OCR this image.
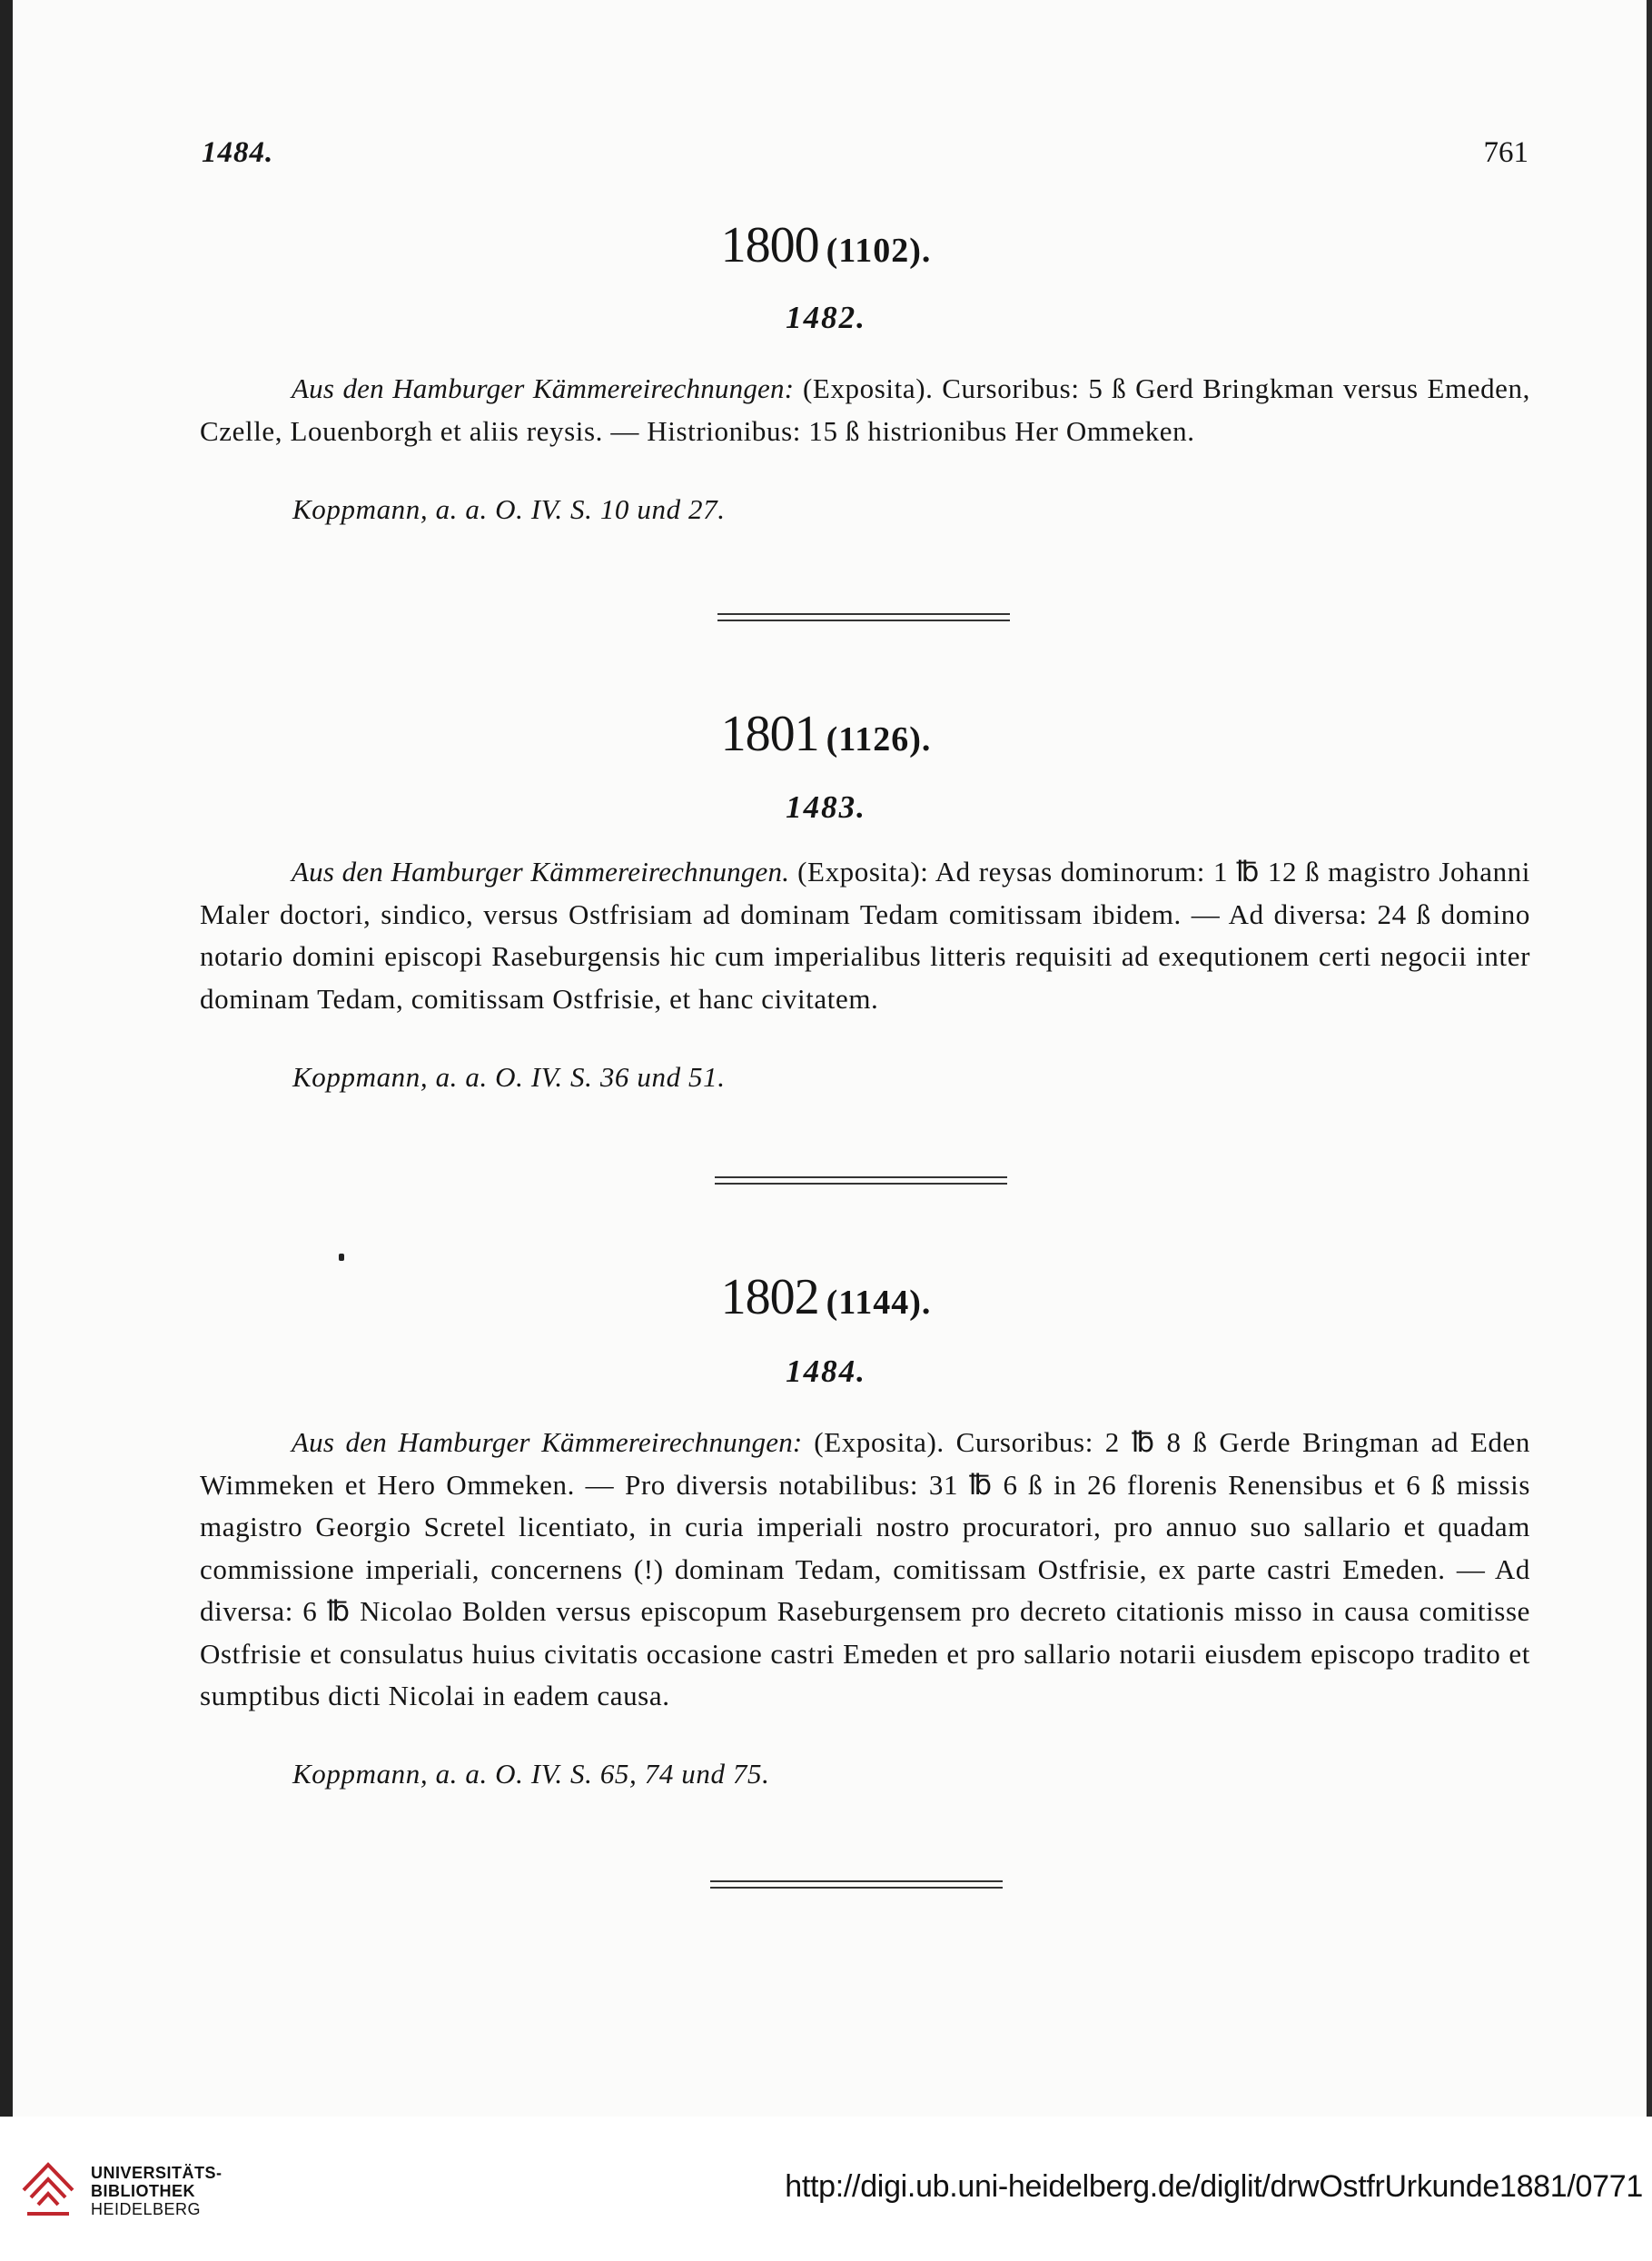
1484.	761
1800 (1102).
1482.

Aus den Hamburger Kämmereirechnungen: (Exposita). Cursoribus: 5 ß Gerd Bringkman versus Emeden, Czelle, Louenborgh et aliis reysis. — Histrionibus: 15 ß histrionibus Her Ommeken.

Koppmann, a. a. O. IV. S. 10 und 27.

1801 (1126).
1483.

Aus den Hamburger Kämmereirechnungen. (Exposita): Ad reysas dominorum: 1 ℔ 12 ß magistro Johanni Maler doctori, sindico, versus Ostfrisiam ad dominam Tedam comitissam ibidem. — Ad diversa: 24 ß domino notario domini episcopi Raseburgensis hic cum imperialibus litteris requisiti ad exequtionem certi negocii inter dominam Tedam, comitissam Ostfrisie, et hanc civitatem.

Koppmann, a. a. O. IV. S. 36 und 51.

1802 (1144).
1484.

Aus den Hamburger Kämmereirechnungen: (Exposita). Cursoribus: 2 ℔ 8 ß Gerde Bringman ad Eden Wimmeken et Hero Ommeken. — Pro diversis notabilibus: 31 ℔ 6 ß in 26 florenis Renensibus et 6 ß missis magistro Georgio Scretel licentiato, in curia imperiali nostro procuratori, pro annuo suo sallario et quadam commissione imperiali, concernens (!) dominam Tedam, comitissam Ostfrisie, ex parte castri Emeden. — Ad diversa: 6 ℔ Nicolao Bolden versus episcopum Raseburgensem pro decreto citationis misso in causa comitisse Ostfrisie et consulatus huius civitatis occasione castri Emeden et pro sallario notarii eiusdem episcopo tradito et sumptibus dicti Nicolai in eadem causa.

Koppmann, a. a. O. IV. S. 65, 74 und 75.

UNIVERSITÄTS-
BIBLIOTHEK
HEIDELBERG
http://digi.ub.uni-heidelberg.de/diglit/drwOstfrUrkunde1881/0771
